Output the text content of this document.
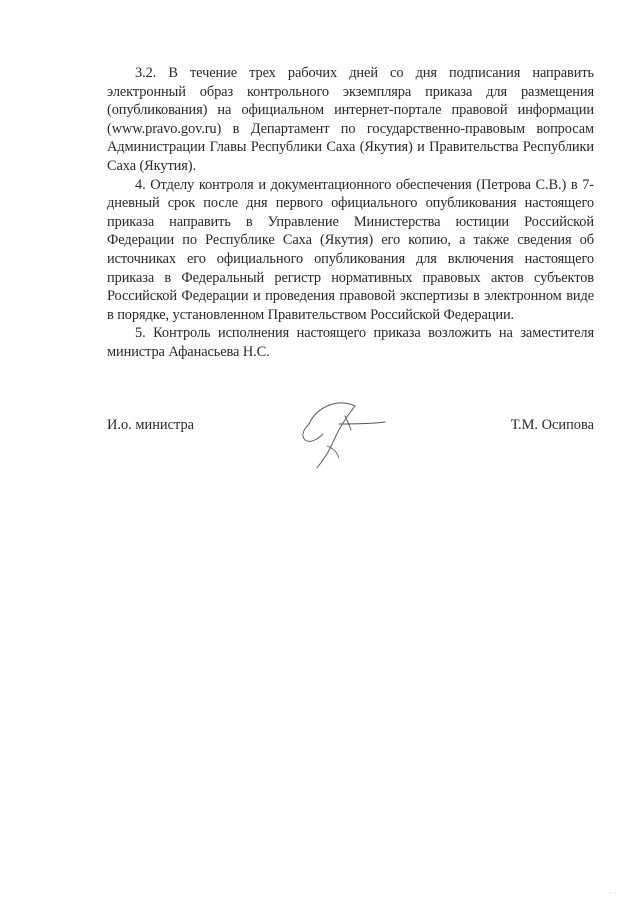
3.2. В течение трех рабочих дней со дня подписания направить электронный образ контрольного экземпляра приказа для размещения (опубликования) на официальном интернет-портале правовой информации (www.pravo.gov.ru) в Департамент по государственно-правовым вопросам Администрации Главы Республики Саха (Якутия) и Правительства Республики Саха (Якутия).

4. Отделу контроля и документационного обеспечения (Петрова С.В.) в 7-дневный срок после дня первого официального опубликования настоящего приказа направить в Управление Министерства юстиции Российской Федерации по Республике Саха (Якутия) его копию, а также сведения об источниках его официального опубликования для включения настоящего приказа в Федеральный регистр нормативных правовых актов субъектов Российской Федерации и проведения правовой экспертизы в электронном виде в порядке, установленном Правительством Российской Федерации.

5. Контроль исполнения настоящего приказа возложить на заместителя министра Афанасьева Н.С.

И.о. министра	Т.М. Осипова
